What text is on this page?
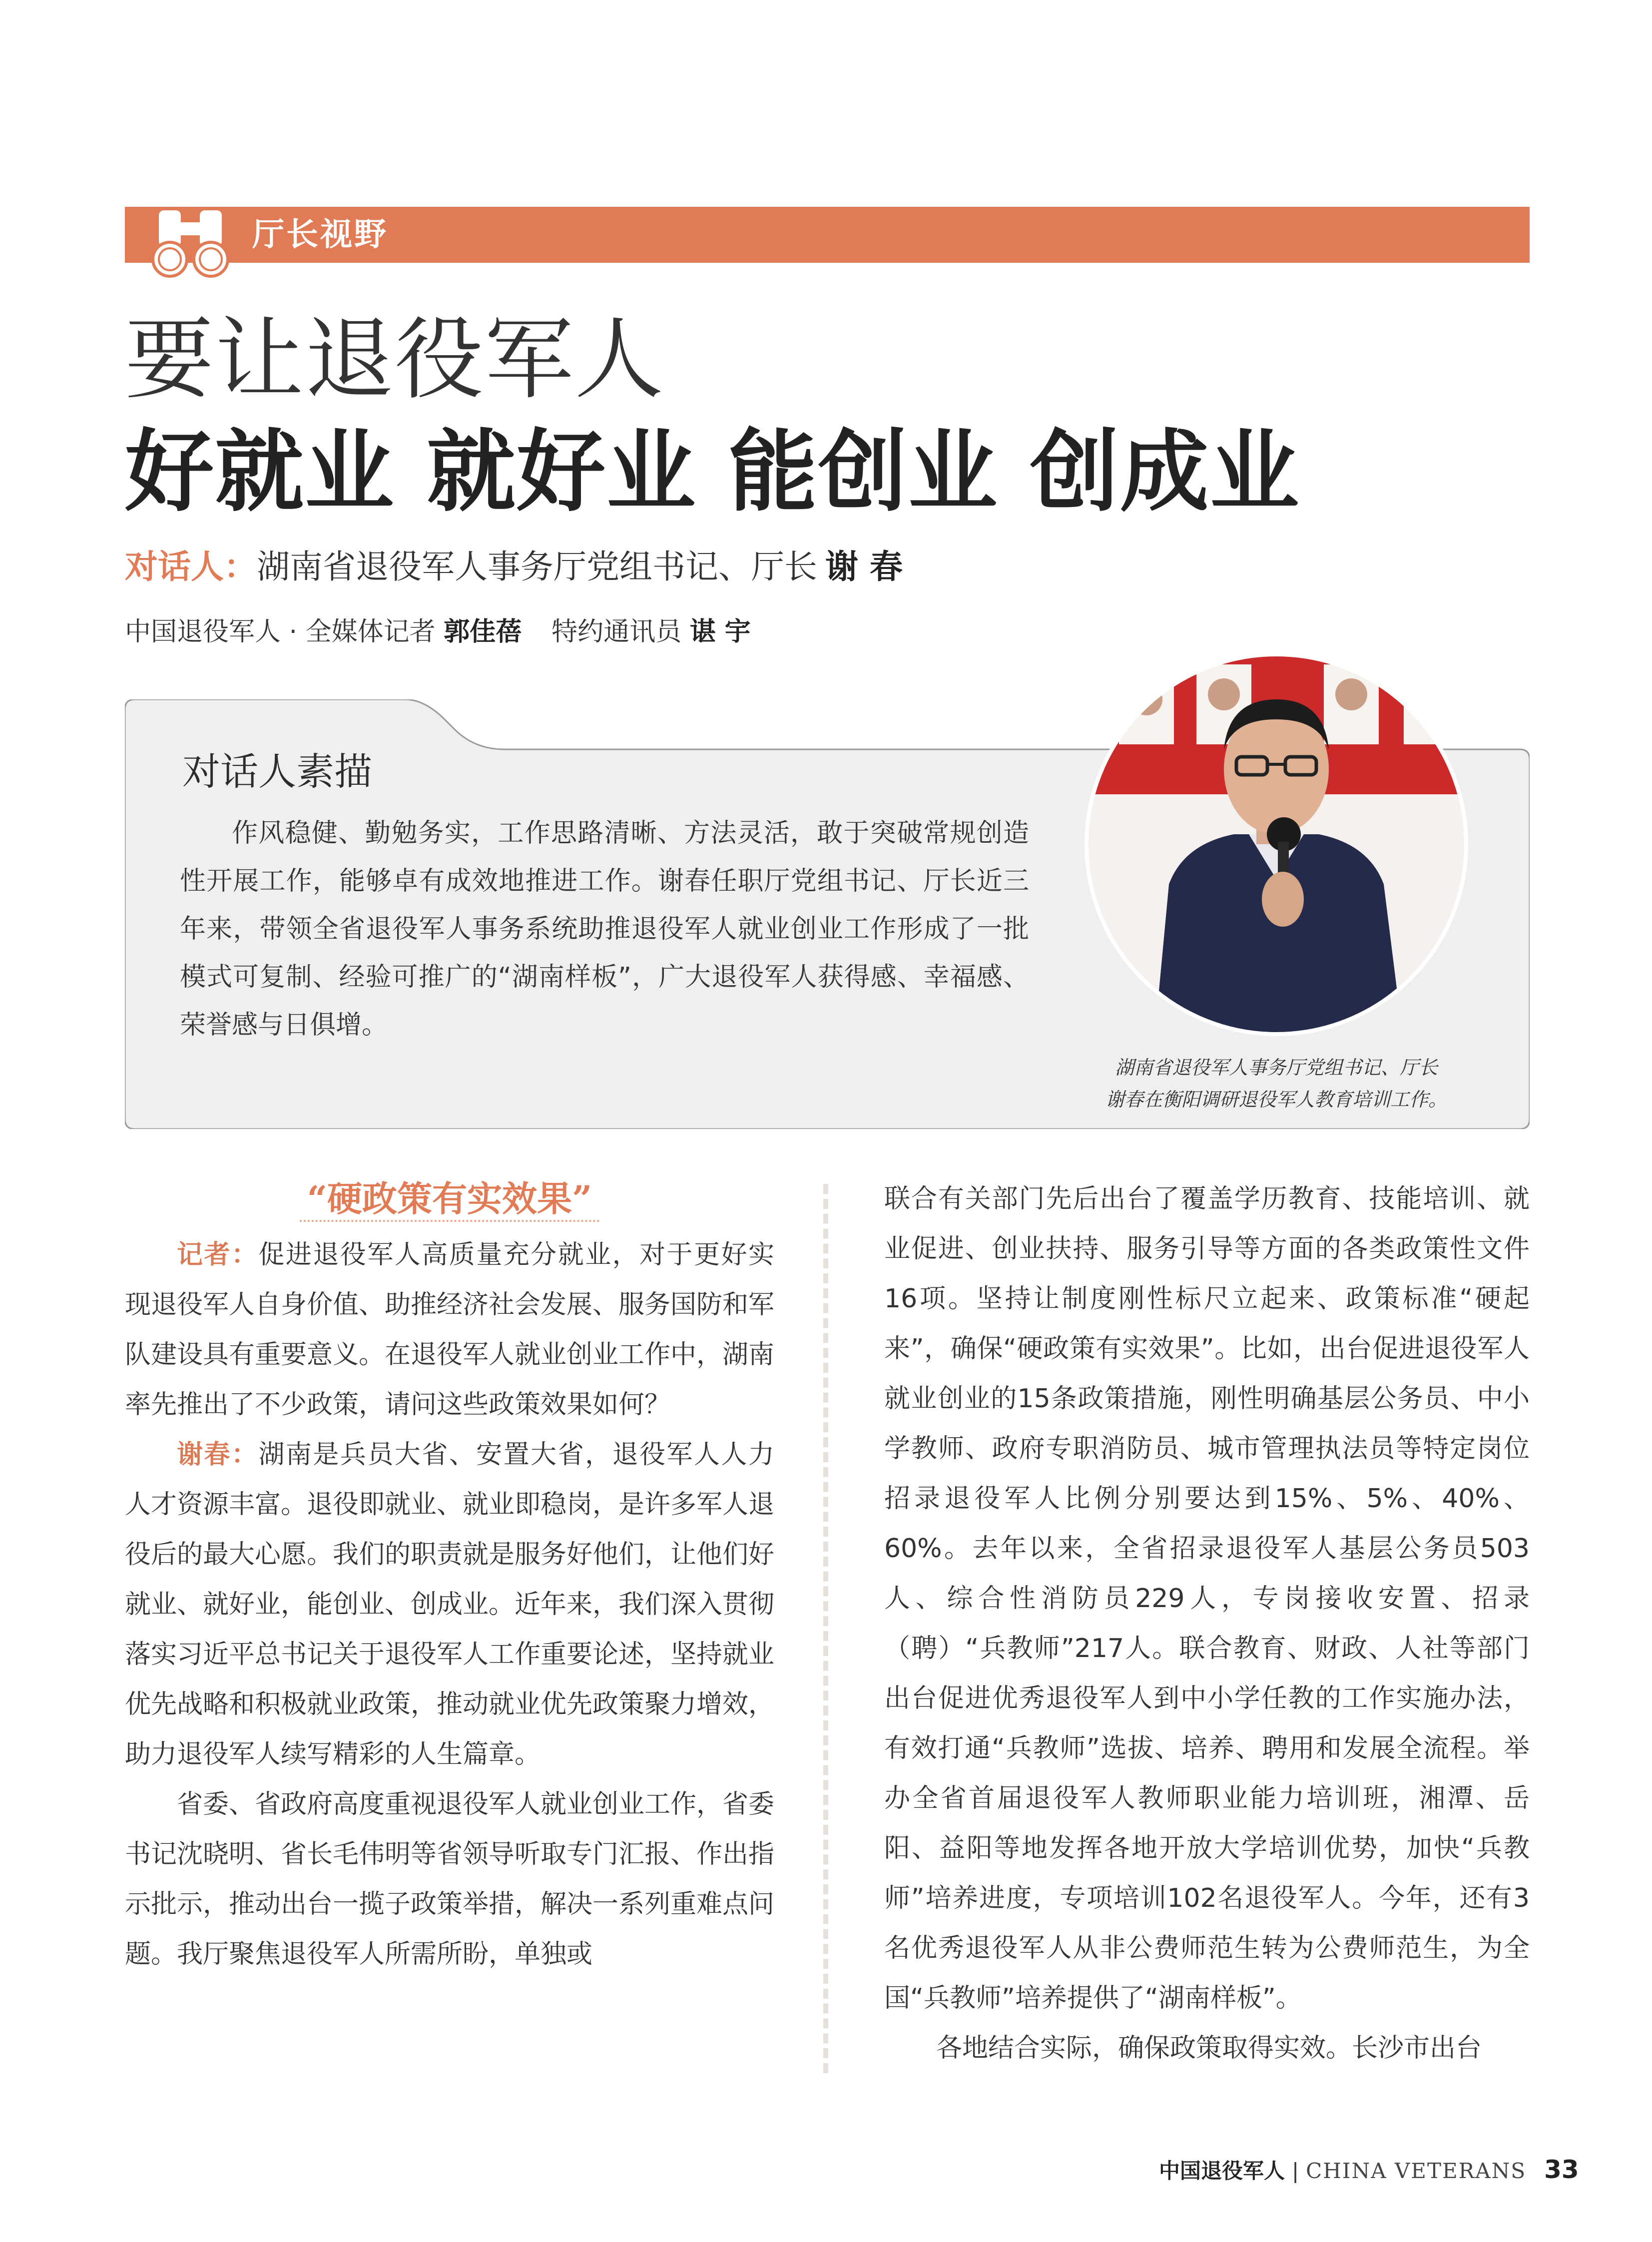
厅长视野
要让退役军人
好就业 就好业 能创业 创成业
对话人：湖南省退役军人事务厅党组书记、厅长 谢 春
中国退役军人 · 全媒体记者 郭佳蓓 特约通讯员 谌 宇
对话人素描

作风稳健、勤勉务实，工作思路清晰、方法灵活，敢于突破常规创造性开展工作，能够卓有成效地推进工作。谢春任职厅党组书记、厅长近三年来，带领全省退役军人事务系统助推退役军人就业创业工作形成了一批模式可复制、经验可推广的“湖南样板”，广大退役军人获得感、幸福感、荣誉感与日俱增。

湖南省退役军人事务厅党组书记、厅长
谢春在衡阳调研退役军人教育培训工作。
“硬政策有实效果”

记者：促进退役军人高质量充分就业，对于更好实现退役军人自身价值、助推经济社会发展、服务国防和军队建设具有重要意义。在退役军人就业创业工作中，湖南率先推出了不少政策，请问这些政策效果如何？

谢春：湖南是兵员大省、安置大省，退役军人人力人才资源丰富。退役即就业、就业即稳岗，是许多军人退役后的最大心愿。我们的职责就是服务好他们，让他们好就业、就好业，能创业、创成业。近年来，我们深入贯彻落实习近平总书记关于退役军人工作重要论述，坚持就业优先战略和积极就业政策，推动就业优先政策聚力增效，助力退役军人续写精彩的人生篇章。

省委、省政府高度重视退役军人就业创业工作，省委书记沈晓明、省长毛伟明等省领导听取专门汇报、作出指示批示，推动出台一揽子政策举措，解决一系列重难点问题。我厅聚焦退役军人所需所盼，单独或

联合有关部门先后出台了覆盖学历教育、技能培训、就业促进、创业扶持、服务引导等方面的各类政策性文件16项。坚持让制度刚性标尺立起来、政策标准“硬起来”，确保“硬政策有实效果”。比如，出台促进退役军人就业创业的15条政策措施，刚性明确基层公务员、中小学教师、政府专职消防员、城市管理执法员等特定岗位招录退役军人比例分别要达到15%、5%、40%、60%。去年以来，全省招录退役军人基层公务员503人、综合性消防员229人，专岗接收安置、招录（聘）“兵教师”217人。联合教育、财政、人社等部门出台促进优秀退役军人到中小学任教的工作实施办法，有效打通“兵教师”选拔、培养、聘用和发展全流程。举办全省首届退役军人教师职业能力培训班，湘潭、岳阳、益阳等地发挥各地开放大学培训优势，加快“兵教师”培养进度，专项培训102名退役军人。今年，还有3名优秀退役军人从非公费师范生转为公费师范生，为全国“兵教师”培养提供了“湖南样板”。

各地结合实际，确保政策取得实效。长沙市出台

中国退役军人 | CHINA VETERANS 33
